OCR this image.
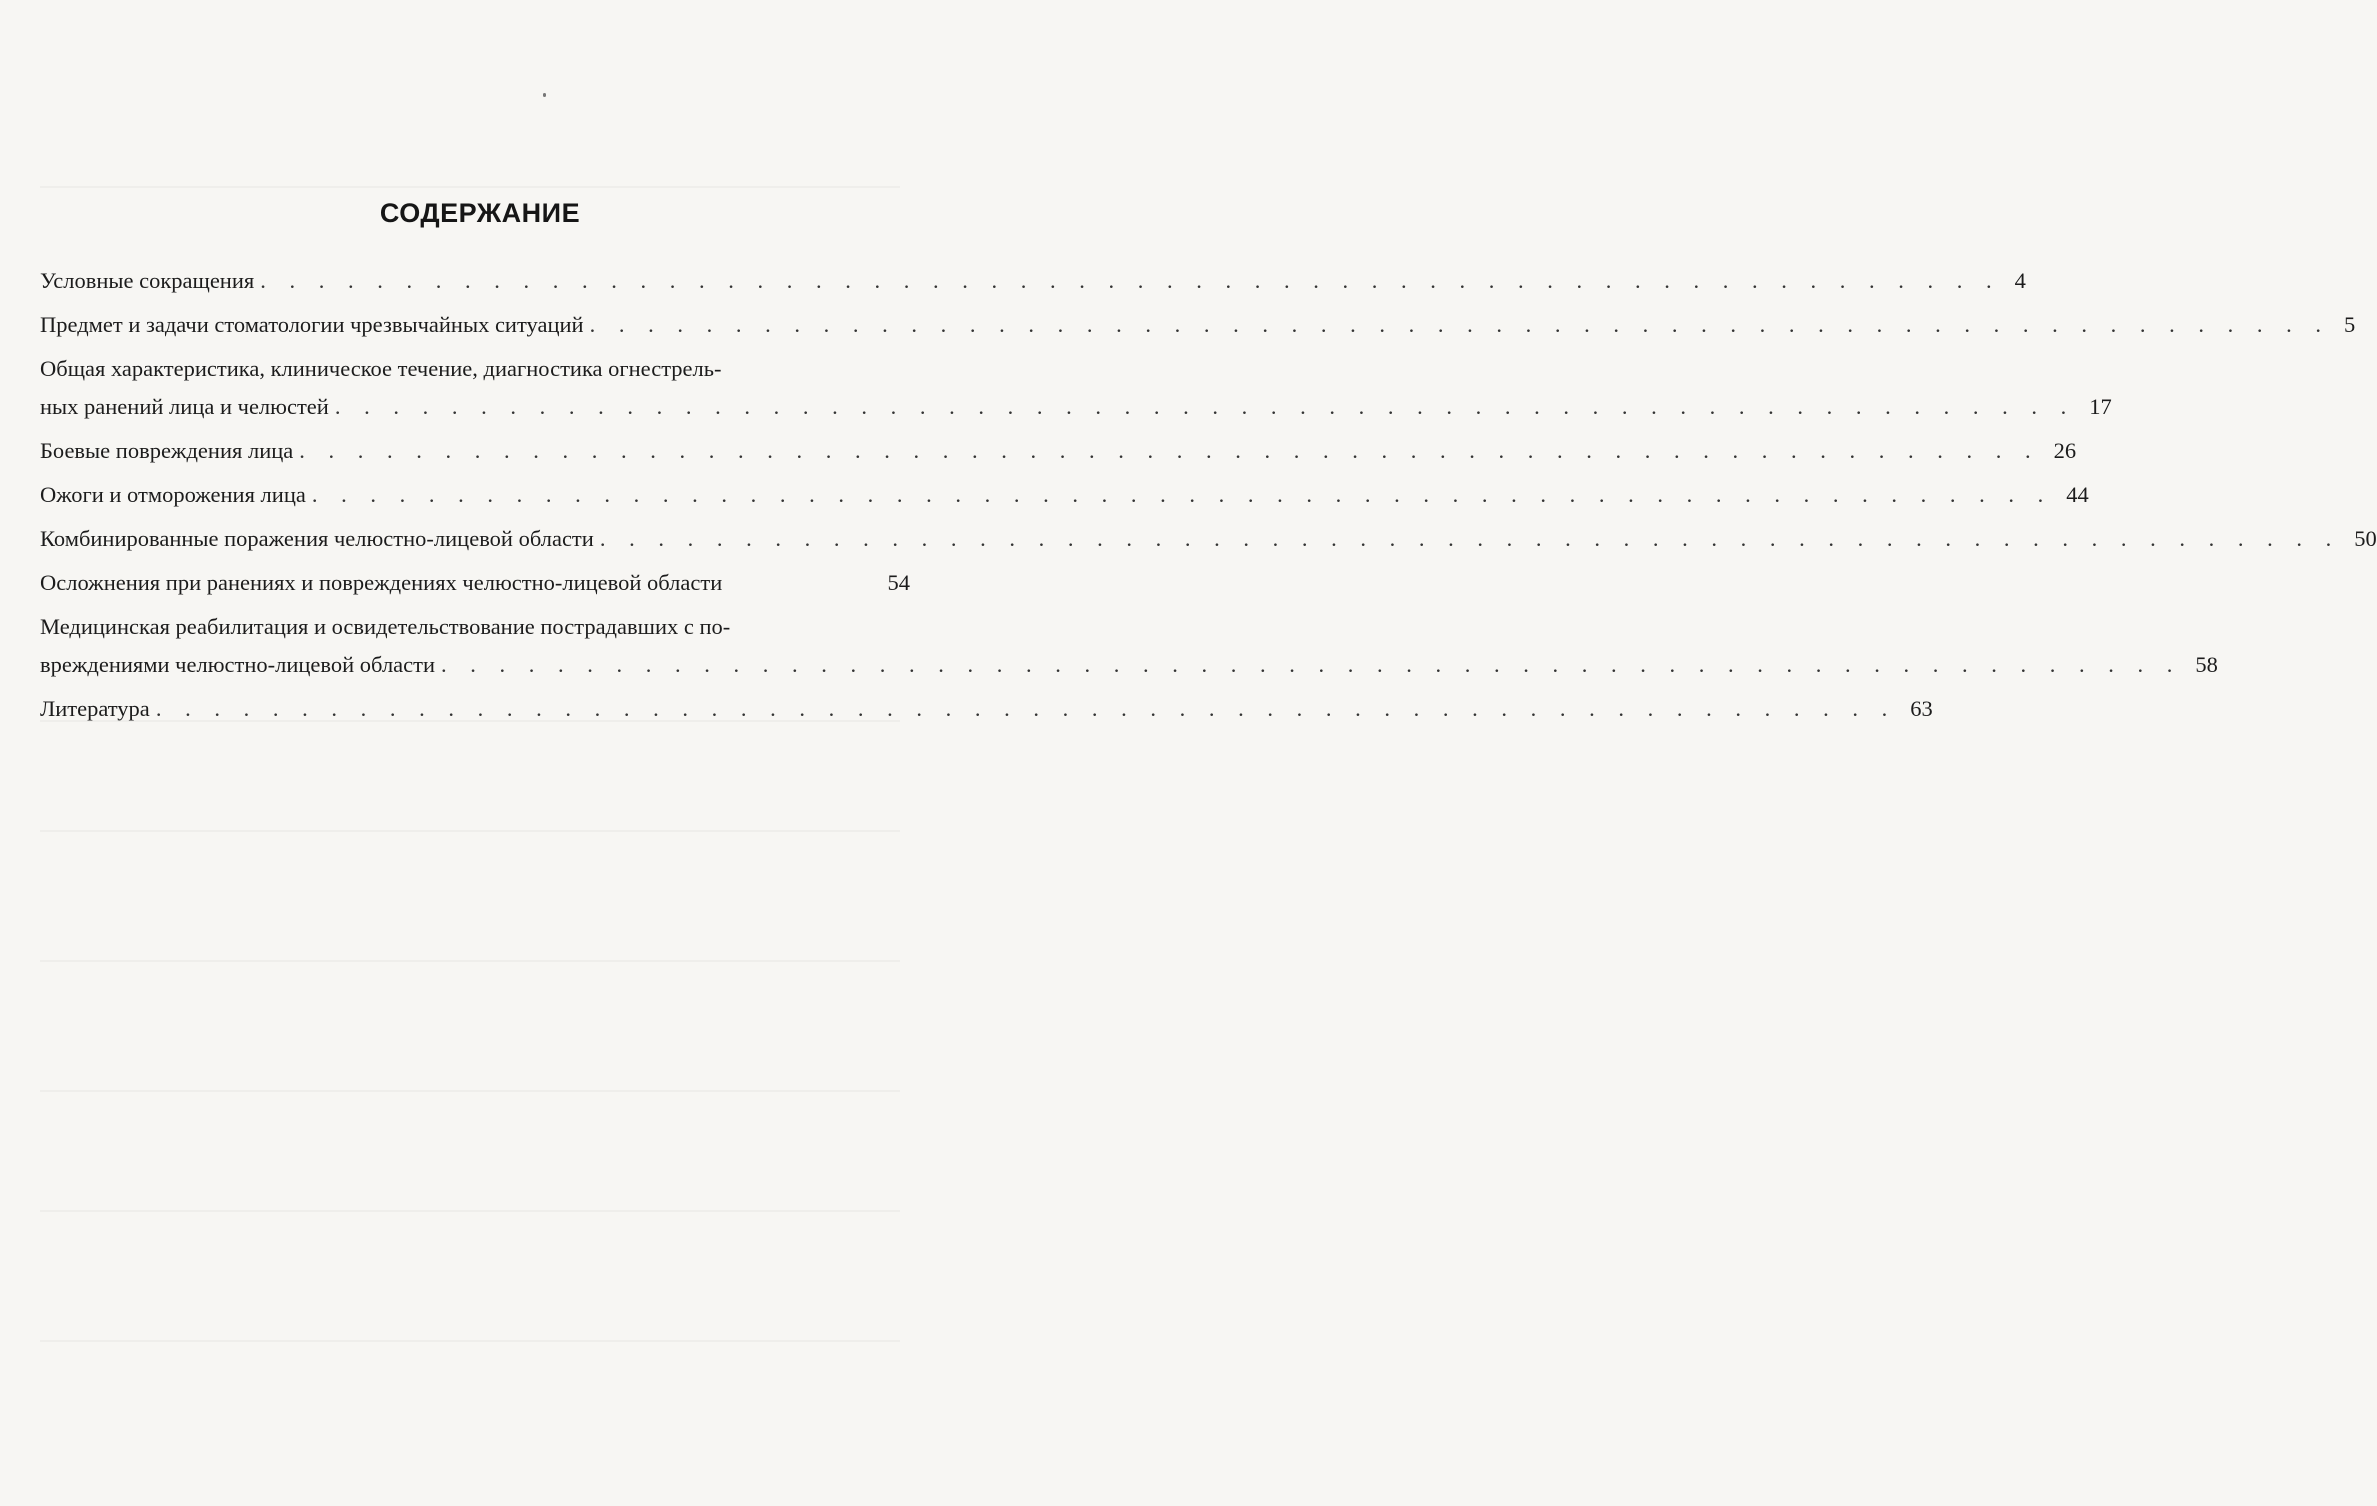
СОДЕРЖАНИЕ
Условные сокращения . . . . . . . . . . . . . . . . . . . . . . . . . . . . . . . . . . . . . . . . . . . . . . . . . . . . . . . . . . . . 4
Предмет и задачи стоматологии чрезвычайных ситуаций . . . . . . . . . . . . . . . . . . . . . . . . . . . . . . . . . . . . . . . . . . . . . . . . . . . . . . . . . . . . 5
Общая характеристика, клиническое течение, диагностика огнестрель-
ных ранений лица и челюстей . . . . . . . . . . . . . . . . . . . . . . . . . . . . . . . . . . . . . . . . . . . . . . . . . . . . . . . . . . . . 17
Боевые повреждения лица . . . . . . . . . . . . . . . . . . . . . . . . . . . . . . . . . . . . . . . . . . . . . . . . . . . . . . . . . . . . 26
Ожоги и отморожения лица . . . . . . . . . . . . . . . . . . . . . . . . . . . . . . . . . . . . . . . . . . . . . . . . . . . . . . . . . . . . 44
Комбинированные поражения челюстно-лицевой области . . . . . . . . . . . . . . . . . . . . . . . . . . . . . . . . . . . . . . . . . . . . . . . . . . . . . . . . . . . . 50
Осложнения при ранениях и повреждениях челюстно-лицевой области	54
Медицинская реабилитация и освидетельствование пострадавших с по-
вреждениями челюстно-лицевой области . . . . . . . . . . . . . . . . . . . . . . . . . . . . . . . . . . . . . . . . . . . . . . . . . . . . . . . . . . . . 58
Литература . . . . . . . . . . . . . . . . . . . . . . . . . . . . . . . . . . . . . . . . . . . . . . . . . . . . . . . . . . . . 63
